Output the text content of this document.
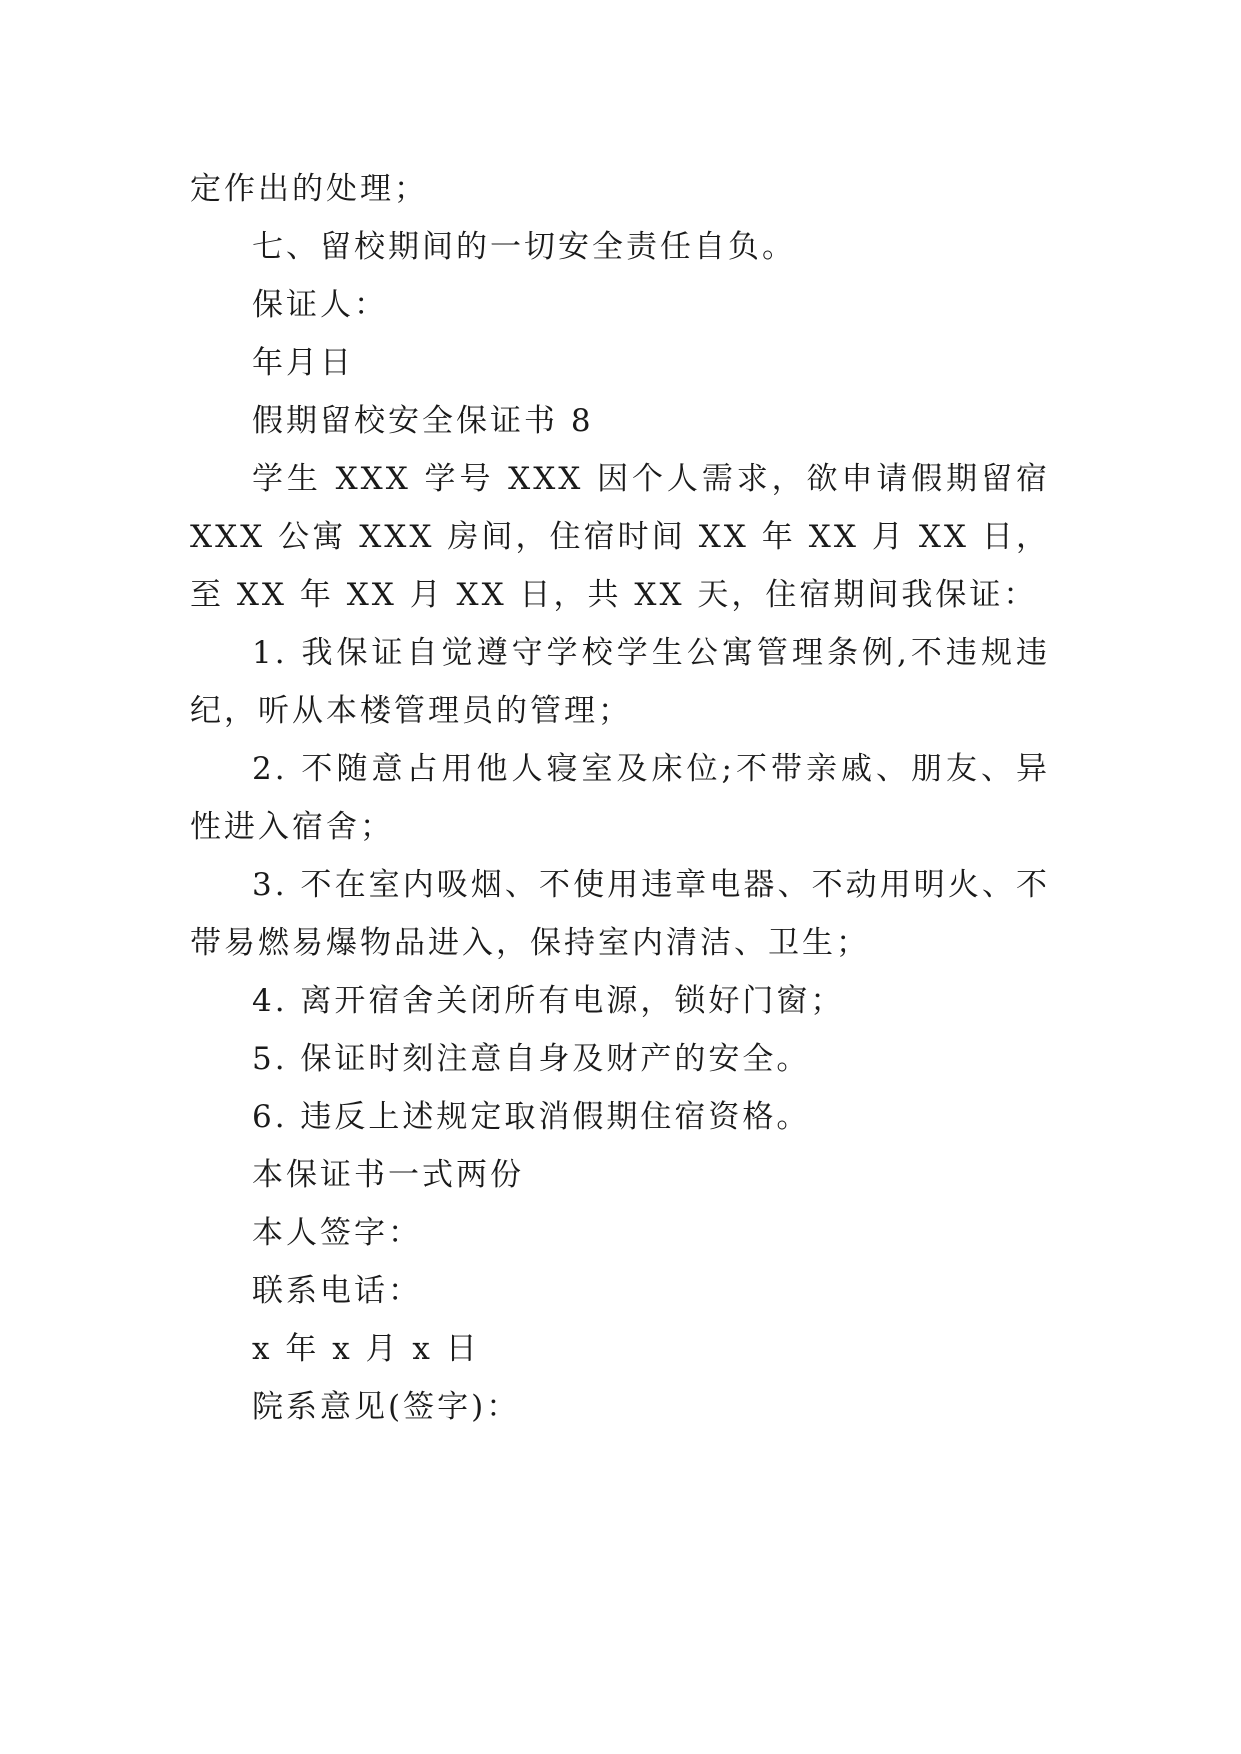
定作出的处理；

七、留校期间的一切安全责任自负。

保证人：

年月日

假期留校安全保证书 8

学生 XXX 学号 XXX 因个人需求，欲申请假期留宿 XXX 公寓 XXX 房间，住宿时间 XX 年 XX 月 XX 日，至 XX 年 XX 月 XX 日，共 XX 天，住宿期间我保证：

1. 我保证自觉遵守学校学生公寓管理条例,不违规违纪，听从本楼管理员的管理；

2. 不随意占用他人寝室及床位;不带亲戚、朋友、异性进入宿舍；

3. 不在室内吸烟、不使用违章电器、不动用明火、不带易燃易爆物品进入，保持室内清洁、卫生；

4. 离开宿舍关闭所有电源，锁好门窗；

5. 保证时刻注意自身及财产的安全。

6. 违反上述规定取消假期住宿资格。

本保证书一式两份

本人签字：

联系电话：

x 年 x 月 x 日

院系意见(签字)：
